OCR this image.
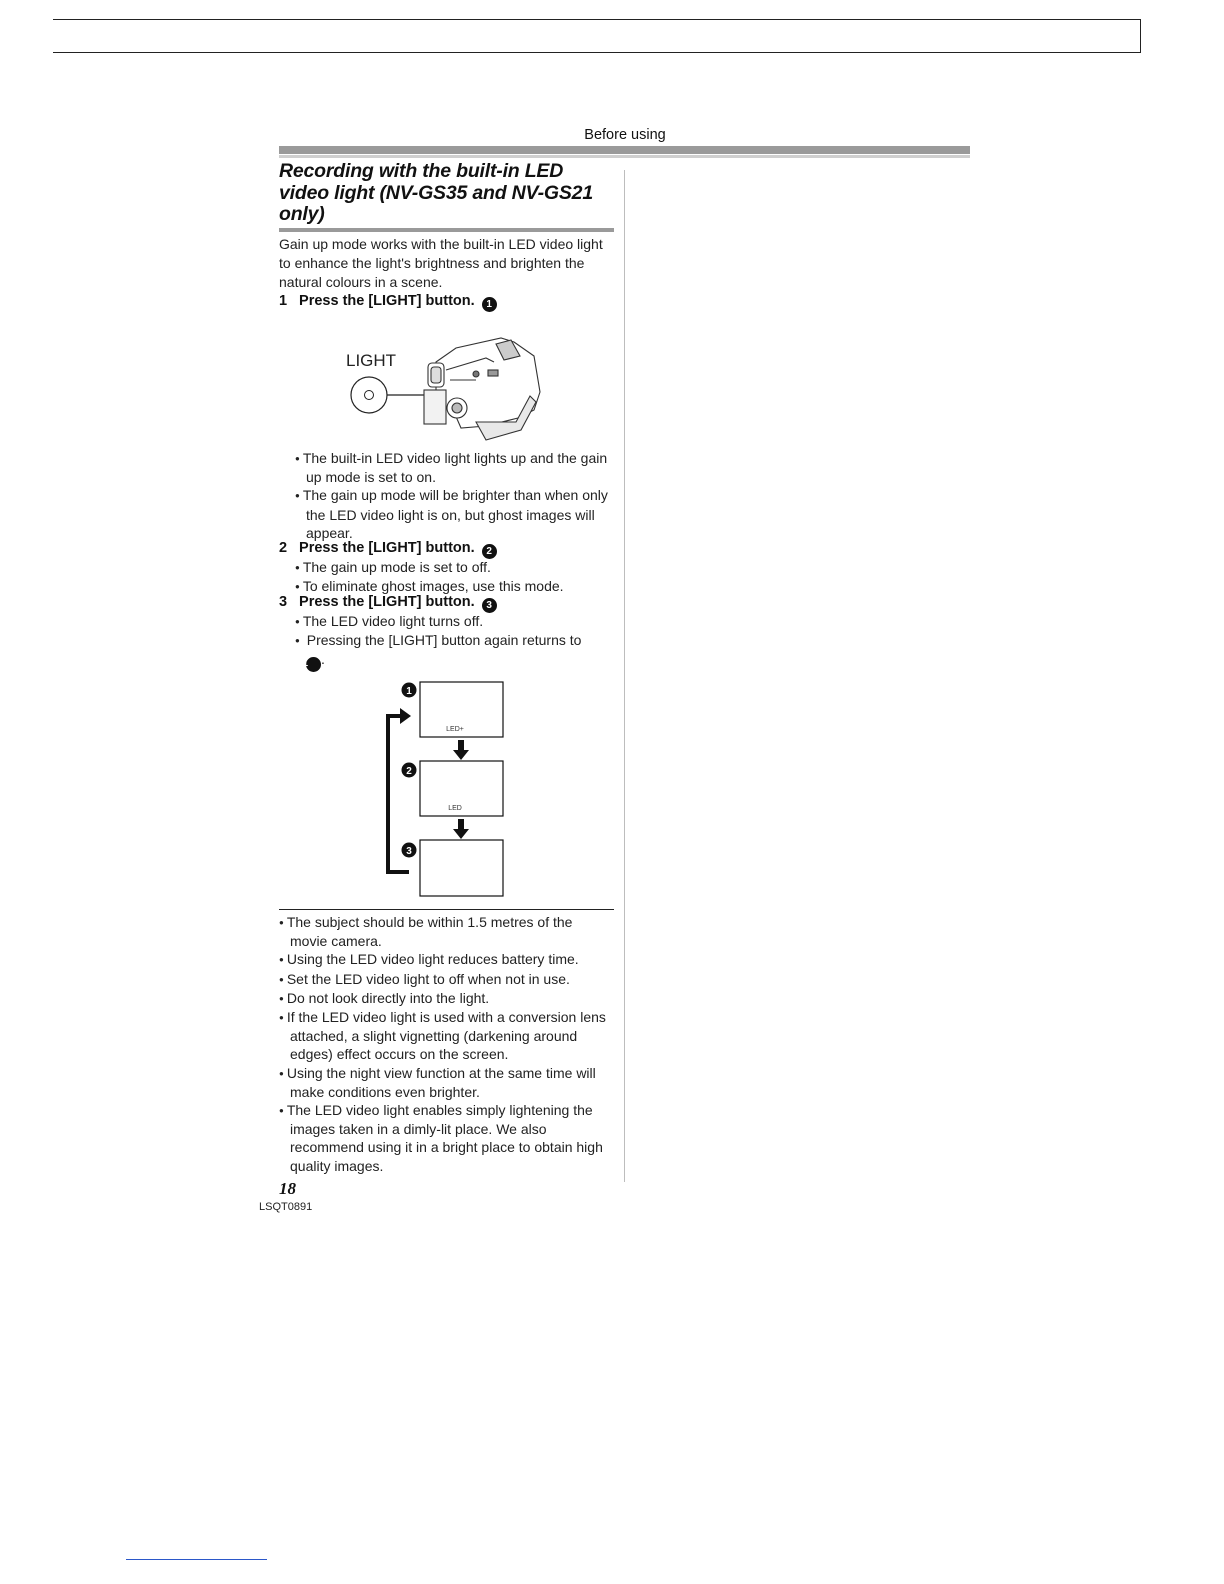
Before using
Recording with the built-in LED video light (NV-GS35 and NV-GS21 only)
Gain up mode works with the built-in LED video light to enhance the light's brightness and brighten the natural colours in a scene.
1 Press the [LIGHT] button. 1
LIGHT
● The built-in LED video light lights up and the gain up mode is set to on.
● The gain up mode will be brighter than when only the LED video light is on, but ghost images will appear.
2 Press the [LIGHT] button. 2
● The gain up mode is set to off.
● To eliminate ghost images, use this mode.
3 Press the [LIGHT] button. 3
● The LED video light turns off.
● Pressing the [LIGHT] button again returns to
1 .
1
LED+
2
LED
3
● The subject should be within 1.5 metres of the movie camera.
● Using the LED video light reduces battery time.
● Set the LED video light to off when not in use.
● Do not look directly into the light.
● If the LED video light is used with a conversion lens attached, a slight vignetting (darkening around edges) effect occurs on the screen.
● Using the night view function at the same time will make conditions even brighter.
● The LED video light enables simply lightening the images taken in a dimly-lit place. We also recommend using it in a bright place to obtain high quality images.
18
LSQT0891
